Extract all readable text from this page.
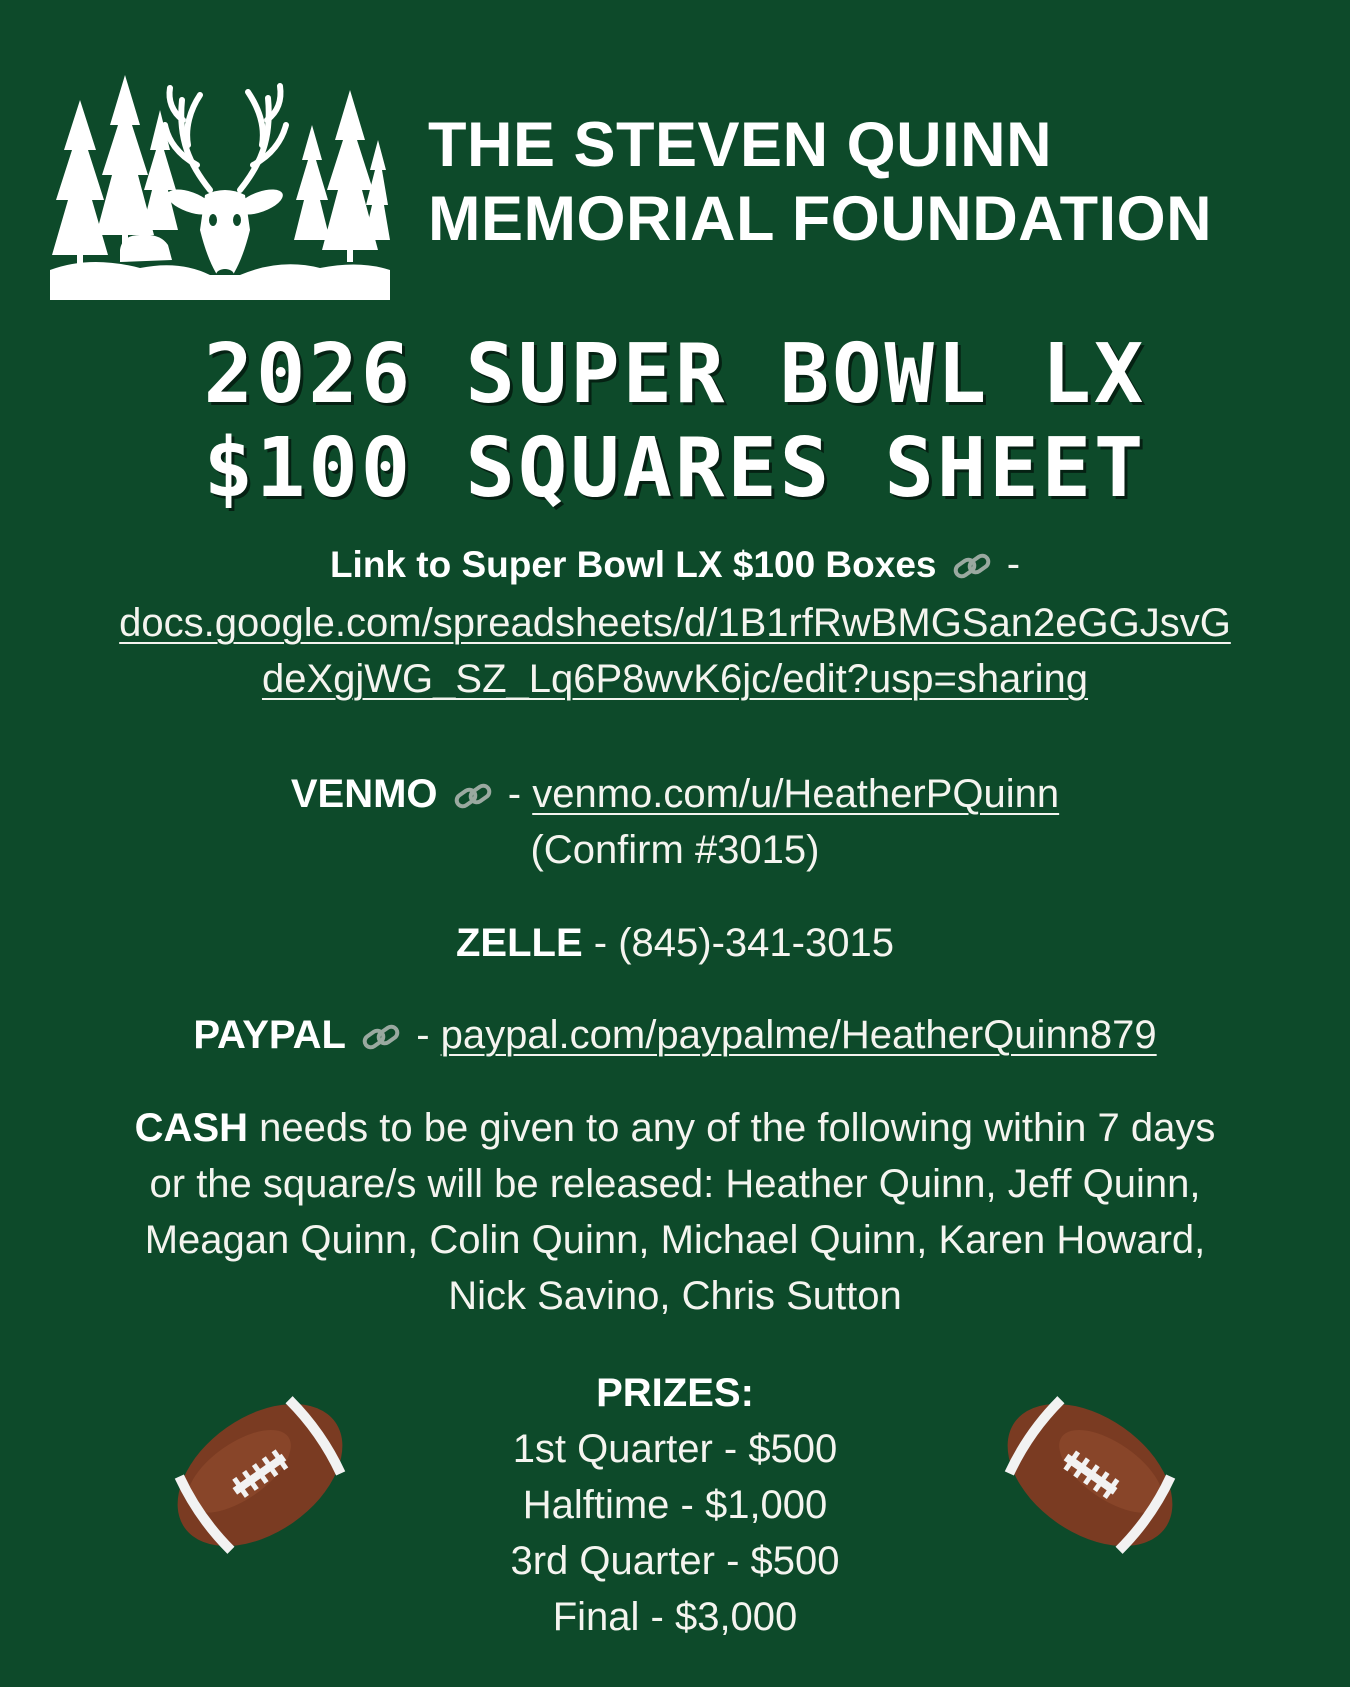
THE STEVEN QUINN
MEMORIAL FOUNDATION
2026 SUPER BOWL LX
$100 SQUARES SHEET
Link to Super Bowl LX $100 Boxes -
docs.google.com/spreadsheets/d/1B1rfRwBMGSan2eGGJsvG
deXgjWG_SZ_Lq6P8wvK6jc/edit?usp=sharing
VENMO - venmo.com/u/HeatherPQuinn
(Confirm #3015)
ZELLE - (845)-341-3015
PAYPAL - paypal.com/paypalme/HeatherQuinn879
CASH needs to be given to any of the following within 7 days
or the square/s will be released: Heather Quinn, Jeff Quinn,
Meagan Quinn, Colin Quinn, Michael Quinn, Karen Howard,
Nick Savino, Chris Sutton
PRIZES:
1st Quarter - $500
Halftime - $1,000
3rd Quarter - $500
Final - $3,000
